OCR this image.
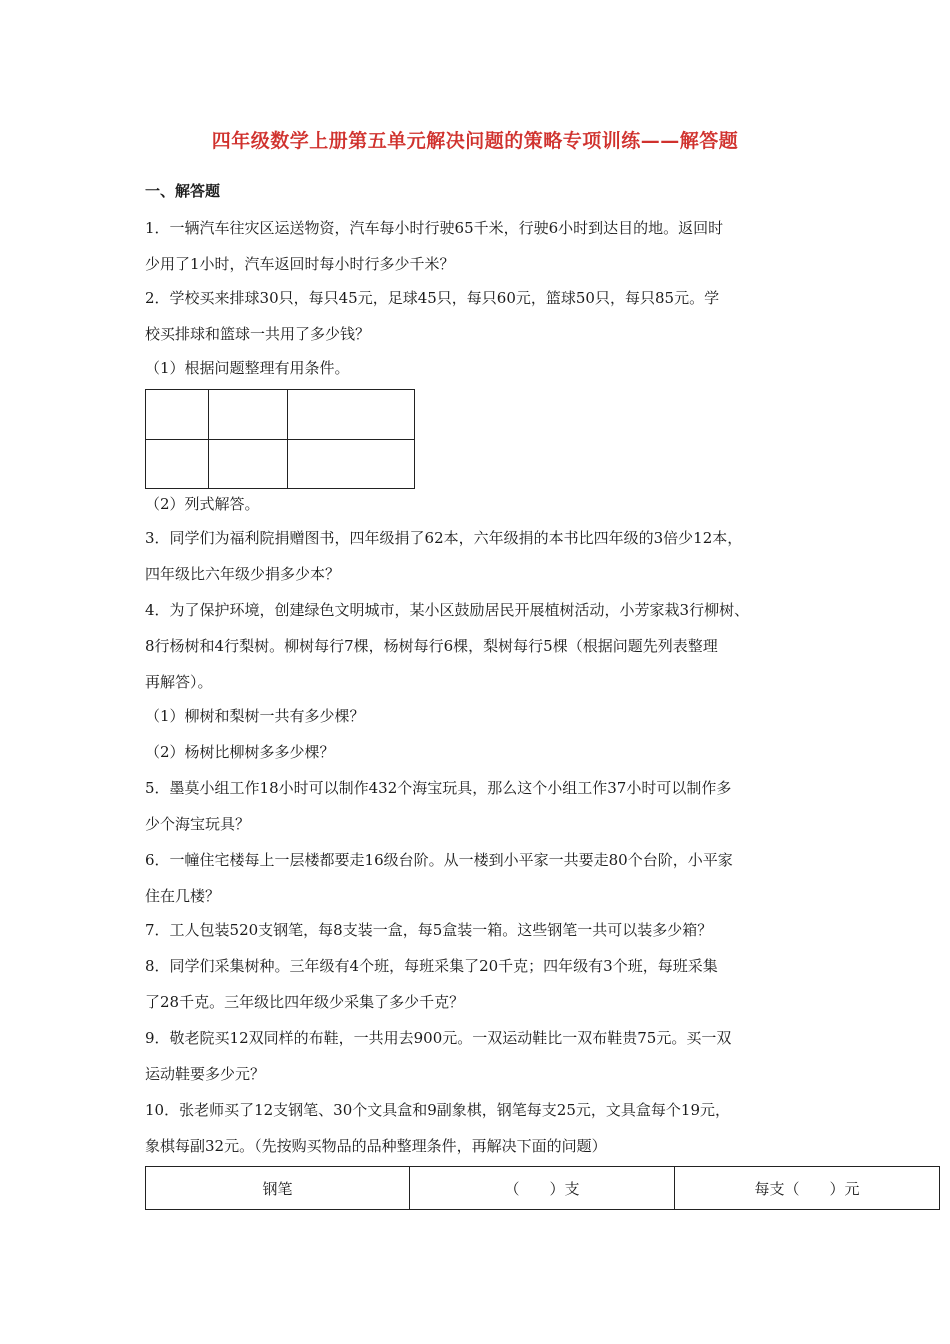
四年级数学上册第五单元解决问题的策略专项训练——解答题
一、解答题
1．一辆汽车往灾区运送物资，汽车每小时行驶65千米，行驶6小时到达目的地。返回时
少用了1小时，汽车返回时每小时行多少千米？
2．学校买来排球30只，每只45元，足球45只，每只60元，篮球50只，每只85元。学
校买排球和篮球一共用了多少钱？
（1）根据问题整理有用条件。

（2）列式解答。
3．同学们为福利院捐赠图书，四年级捐了62本，六年级捐的本书比四年级的3倍少12本，
四年级比六年级少捐多少本？
4．为了保护环境，创建绿色文明城市，某小区鼓励居民开展植树活动，小芳家栽3行柳树、
8行杨树和4行梨树。柳树每行7棵，杨树每行6棵，梨树每行5棵（根据问题先列表整理
再解答）。
（1）柳树和梨树一共有多少棵？
（2）杨树比柳树多多少棵？
5．墨莫小组工作18小时可以制作432个海宝玩具，那么这个小组工作37小时可以制作多
少个海宝玩具？
6．一幢住宅楼每上一层楼都要走16级台阶。从一楼到小平家一共要走80个台阶，小平家
住在几楼？
7．工人包装520支钢笔，每8支装一盒，每5盒装一箱。这些钢笔一共可以装多少箱？
8．同学们采集树种。三年级有4个班，每班采集了20千克；四年级有3个班，每班采集
了28千克。三年级比四年级少采集了多少千克？
9．敬老院买12双同样的布鞋，一共用去900元。一双运动鞋比一双布鞋贵75元。买一双
运动鞋要多少元？
10．张老师买了12支钢笔、30个文具盒和9副象棋，钢笔每支25元，文具盒每个19元，
象棋每副32元。（先按购买物品的品种整理条件，再解决下面的问题）
钢笔	（　　）支	每支（　　）元
